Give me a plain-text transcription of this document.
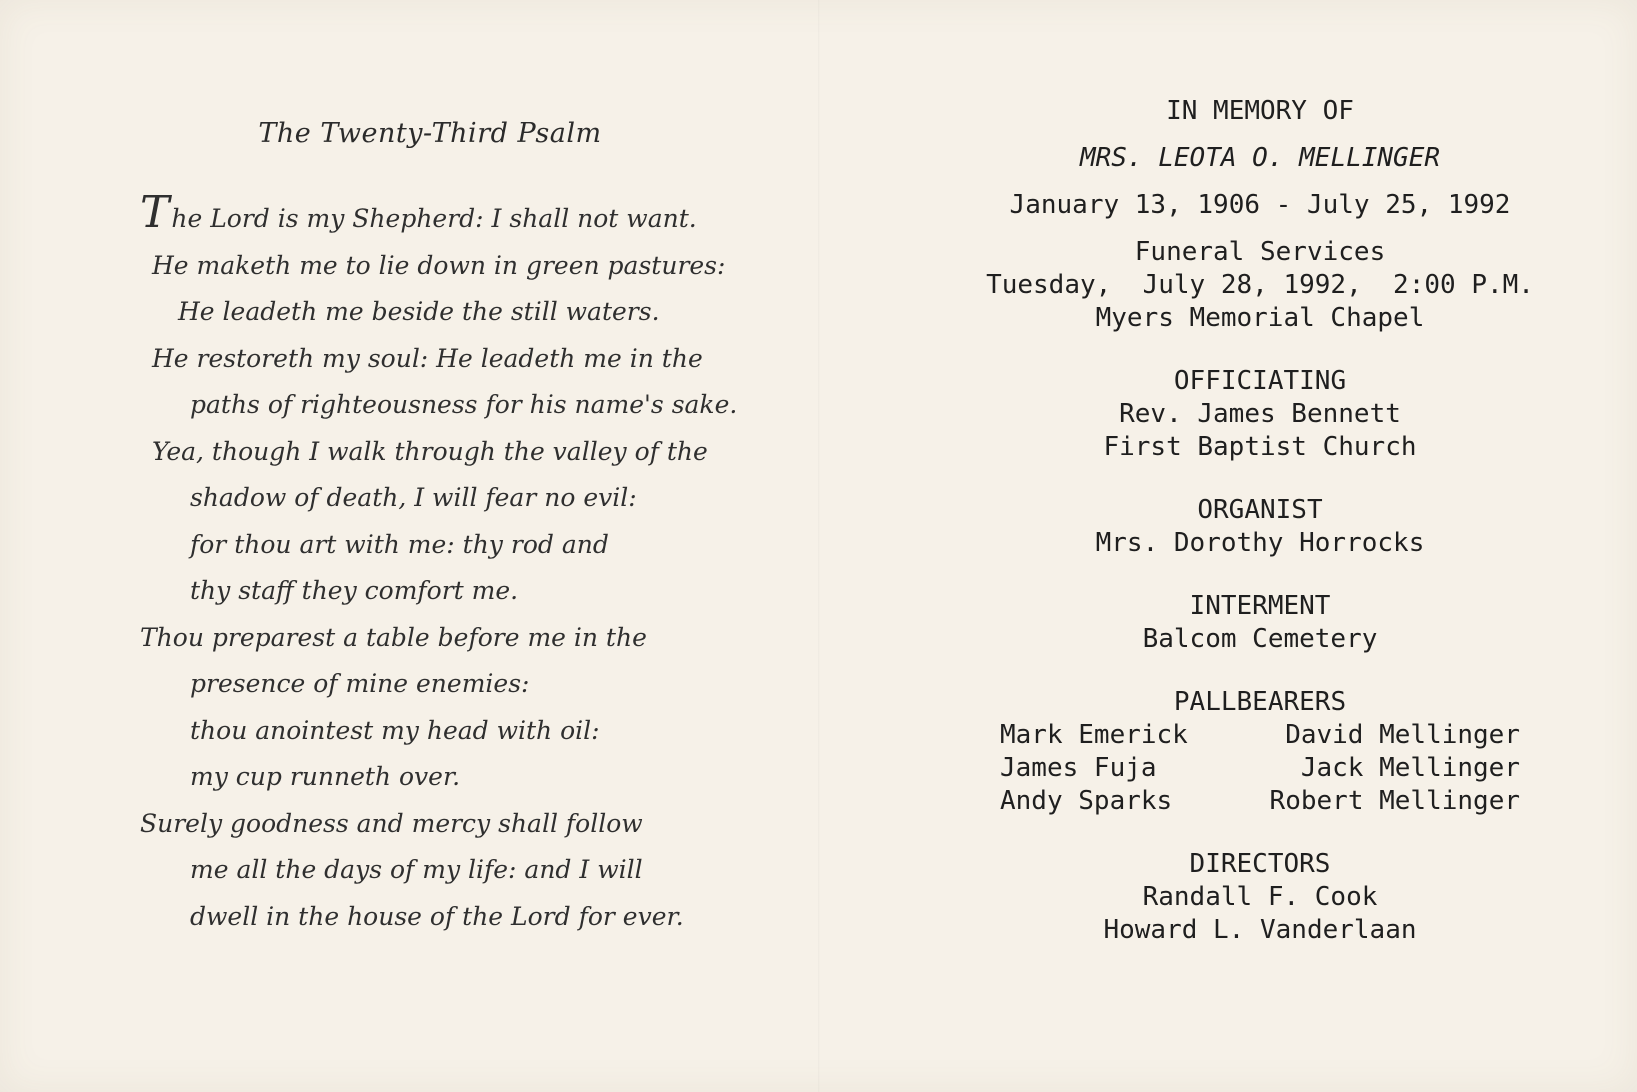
The Twenty-Third Psalm
The Lord is my Shepherd: I shall not want.
He maketh me to lie down in green pastures:
He leadeth me beside the still waters.
He restoreth my soul: He leadeth me in the
paths of righteousness for his name's sake.
Yea, though I walk through the valley of the
shadow of death, I will fear no evil:
for thou art with me: thy rod and
thy staff they comfort me.
Thou preparest a table before me in the
presence of mine enemies:
thou anointest my head with oil:
my cup runneth over.
Surely goodness and mercy shall follow
me all the days of my life: and I will
dwell in the house of the Lord for ever.
IN MEMORY OF
MRS. LEOTA O. MELLINGER
January 13, 1906 - July 25, 1992
Funeral Services
Tuesday,  July 28, 1992,  2:00 P.M.
Myers Memorial Chapel
OFFICIATING
Rev. James Bennett
First Baptist Church
ORGANIST
Mrs. Dorothy Horrocks
INTERMENT
Balcom Cemetery
PALLBEARERS
Mark Emerick	David Mellinger
James Fuja	Jack Mellinger
Andy Sparks	Robert Mellinger
DIRECTORS
Randall F. Cook
Howard L. Vanderlaan
